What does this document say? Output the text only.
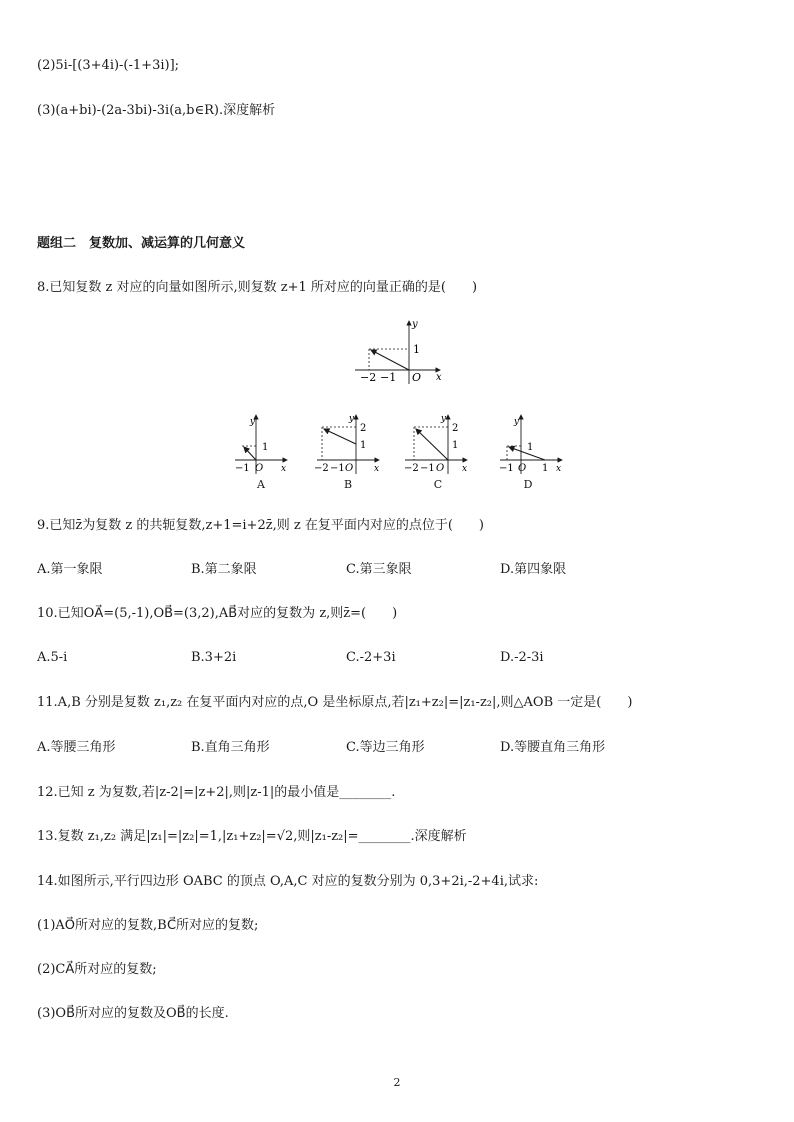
(2)5i-[(3+4i)-(-1+3i)];
(3)(a+bi)-(2a-3bi)-3i(a,b∈R).深度解析
题组二　复数加、减运算的几何意义
8.已知复数 z 对应的向量如图所示,则复数 z+1 所对应的向量正确的是(　　)
y
x
1
−2 −1 O
y
x
1
−1 O
A
y
x
2
1
−2 −1 O
B
y
x
2
1
−2 −1 O
C
y
x
1
−1 O 1
D
9.已知z̄为复数 z 的共轭复数,z+1=i+2z̄,则 z 在复平面内对应的点位于(　　)
A.第一象限	B.第二象限	C.第三象限	D.第四象限
10.已知OA⃗=(5,-1),OB⃗=(3,2),AB⃗对应的复数为 z,则z̄=(　　)
A.5-i	B.3+2i	C.-2+3i	D.-2-3i
11.A,B 分别是复数 z₁,z₂ 在复平面内对应的点,O 是坐标原点,若|z₁+z₂|=|z₁-z₂|,则△AOB 一定是(　　)
A.等腰三角形	B.直角三角形	C.等边三角形	D.等腰直角三角形
12.已知 z 为复数,若|z-2|=|z+2|,则|z-1|的最小值是________.
13.复数 z₁,z₂ 满足|z₁|=|z₂|=1,|z₁+z₂|=√2,则|z₁-z₂|=________.深度解析
14.如图所示,平行四边形 OABC 的顶点 O,A,C 对应的复数分别为 0,3+2i,-2+4i,试求:
(1)AO⃗所对应的复数,BC⃗所对应的复数;
(2)CA⃗所对应的复数;
(3)OB⃗所对应的复数及OB⃗的长度.
2
